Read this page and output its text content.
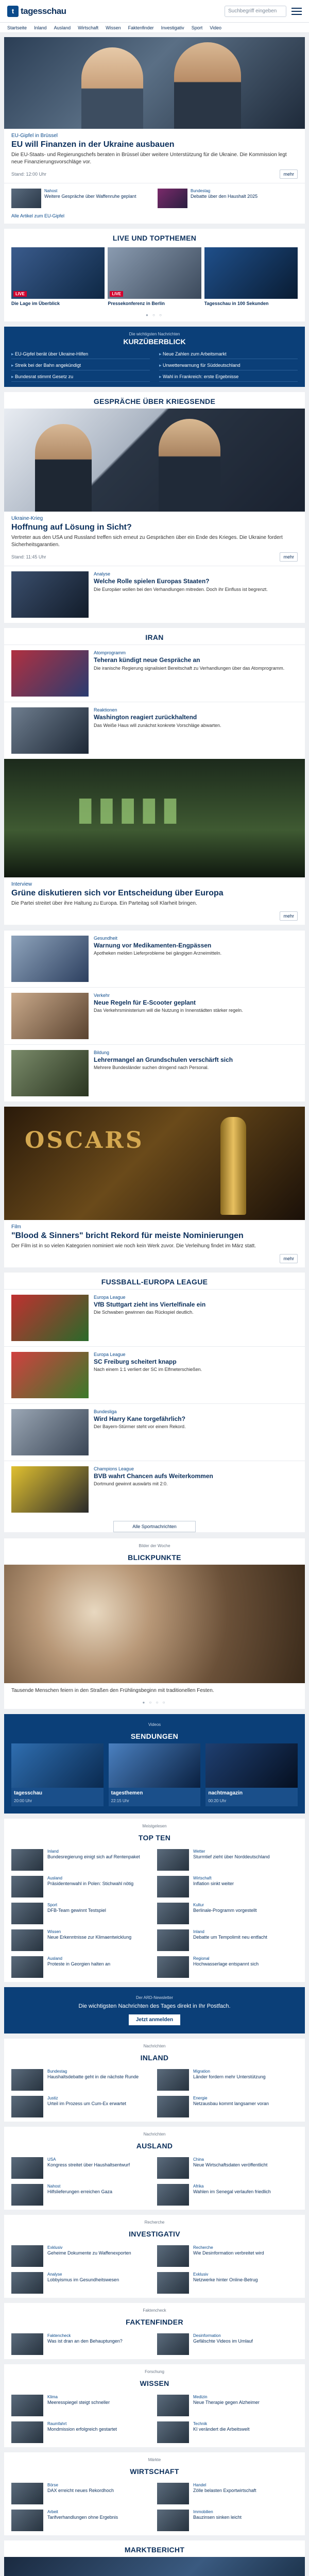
t tagesschau	Suchbegriff eingeben
Startseite Inland Ausland Wirtschaft Wissen Faktenfinder Investigativ Sport Video
EU-Gipfel in Brüssel
EU will Finanzen in der Ukraine ausbauen
Die EU-Staats- und Regierungschefs beraten in Brüssel über weitere Unterstützung für die Ukraine. Die Kommission legt neue Finanzierungsvorschläge vor.
Stand: 12:00 Uhr	mehr
Nahost
Weitere Gespräche über Waffenruhe geplant
Bundestag
Debatte über den Haushalt 2025
Alle Artikel zum EU-Gipfel
LIVE UND TOPTHEMEN
LIVE
Die Lage im Überblick
LIVE
Pressekonferenz in Berlin	Tagesschau in 100 Sekunden
● ○ ○
Die wichtigsten Nachrichten
KURZÜBERBLICK
▸ EU-Gipfel berät über Ukraine-Hilfen	▸ Neue Zahlen zum Arbeitsmarkt
▸ Streik bei der Bahn angekündigt	▸ Unwetterwarnung für Süddeutschland
▸ Bundesrat stimmt Gesetz zu	▸ Wahl in Frankreich: erste Ergebnisse
GESPRÄCHE ÜBER KRIEGSENDE
Ukraine-Krieg
Hoffnung auf Lösung in Sicht?
Vertreter aus den USA und Russland treffen sich erneut zu Gesprächen über ein Ende des Krieges. Die Ukraine fordert Sicherheitsgarantien.
Stand: 11:45 Uhr	mehr
Analyse
Welche Rolle spielen Europas Staaten?
Die Europäer wollen bei den Verhandlungen mitreden. Doch ihr Einfluss ist begrenzt.
IRAN
Atomprogramm
Teheran kündigt neue Gespräche an
Die iranische Regierung signalisiert Bereitschaft zu Verhandlungen über das Atomprogramm.
Reaktionen
Washington reagiert zurückhaltend
Das Weiße Haus will zunächst konkrete Vorschläge abwarten.
▮▮▮▮▮
Interview
Grüne diskutieren sich vor Entscheidung über Europa
Die Partei streitet über ihre Haltung zu Europa. Ein Parteitag soll Klarheit bringen.
mehr
Gesundheit
Warnung vor Medikamenten-Engpässen
Apotheken melden Lieferprobleme bei gängigen Arzneimitteln.
Verkehr
Neue Regeln für E-Scooter geplant
Das Verkehrsministerium will die Nutzung in Innenstädten stärker regeln.
Bildung
Lehrermangel an Grundschulen verschärft sich
Mehrere Bundesländer suchen dringend nach Personal.
OSCARS
Film
"Blood & Sinners" bricht Rekord für meiste Nominierungen
Der Film ist in so vielen Kategorien nominiert wie noch kein Werk zuvor. Die Verleihung findet im März statt.
mehr
FUSSBALL-EUROPA LEAGUE
Europa League
VfB Stuttgart zieht ins Viertelfinale ein
Die Schwaben gewinnen das Rückspiel deutlich.
Europa League
SC Freiburg scheitert knapp
Nach einem 1:1 verliert der SC im Elfmeterschießen.
Bundesliga
Wird Harry Kane torgefährlich?
Der Bayern-Stürmer steht vor einem Rekord.
Champions League
BVB wahrt Chancen aufs Weiterkommen
Dortmund gewinnt auswärts mit 2:0.
Alle Sportnachrichten
Bilder der Woche
BLICKPUNKTE
Tausende Menschen feiern in den Straßen den Frühlingsbeginn mit traditionellen Festen.
● ○ ○ ○
Videos
SENDUNGEN
tagesschau
20:00 Uhr
tagesthemen
22:15 Uhr
nachtmagazin
00:20 Uhr
Meistgelesen
TOP TEN
Inland
Bundesregierung einigt sich auf Rentenpaket
Wetter
Sturmtief zieht über Norddeutschland
Ausland
Präsidentenwahl in Polen: Stichwahl nötig
Wirtschaft
Inflation sinkt weiter
Sport
DFB-Team gewinnt Testspiel
Kultur
Berlinale-Programm vorgestellt
Wissen
Neue Erkenntnisse zur Klimaentwicklung
Inland
Debatte um Tempolimit neu entfacht
Ausland
Proteste in Georgien halten an
Regional
Hochwasserlage entspannt sich
Der ARD-Newsletter
Die wichtigsten Nachrichten des Tages direkt in Ihr Postfach.
Jetzt anmelden
Nachrichten
INLAND
Bundestag
Haushaltsdebatte geht in die nächste Runde
Migration
Länder fordern mehr Unterstützung
Justiz
Urteil im Prozess um Cum-Ex erwartet
Energie
Netzausbau kommt langsamer voran
Nachrichten
AUSLAND
USA
Kongress streitet über Haushaltsentwurf
China
Neue Wirtschaftsdaten veröffentlicht
Nahost
Hilfslieferungen erreichen Gaza
Afrika
Wahlen im Senegal verlaufen friedlich
Recherche
INVESTIGATIV
Exklusiv
Geheime Dokumente zu Waffenexporten
Recherche
Wie Desinformation verbreitet wird
Analyse
Lobbyismus im Gesundheitswesen
Exklusiv
Netzwerke hinter Online-Betrug
Faktencheck
FAKTENFINDER
Faktencheck
Was ist dran an den Behauptungen?
Desinformation
Gefälschte Videos im Umlauf
Forschung
WISSEN
Klima
Meeresspiegel steigt schneller
Medizin
Neue Therapie gegen Alzheimer
Raumfahrt
Mondmission erfolgreich gestartet
Technik
KI verändert die Arbeitswelt
Märkte
WIRTSCHAFT
Börse
DAX erreicht neues Rekordhoch
Handel
Zölle belasten Exportwirtschaft
Arbeit
Tarifverhandlungen ohne Ergebnis
Immobilien
Bauzinsen sinken leicht
MARKTBERICHT
